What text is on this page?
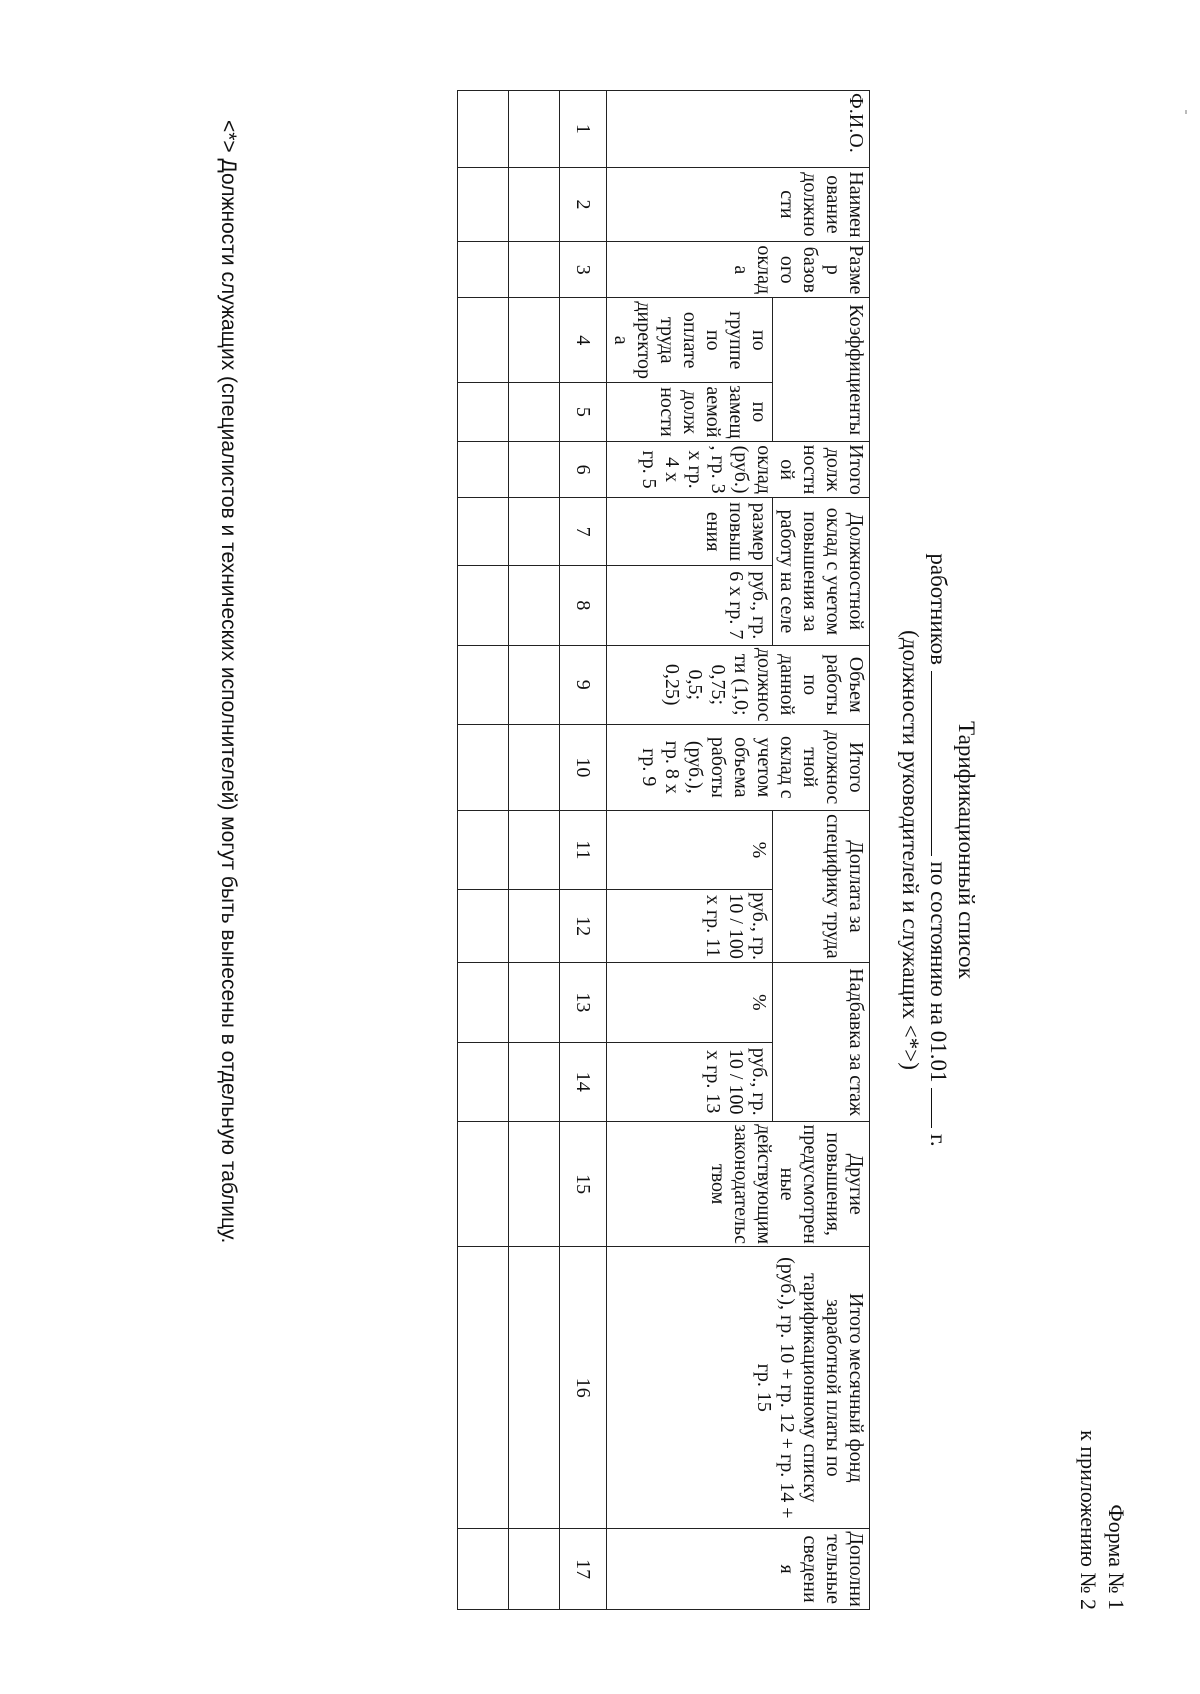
Форма № 1
к приложению № 2
Тарификационный список
работников  по состоянию на 01.01  г.
(должности руководителей и служащих <*>)
Ф.И.О.	Наименование должности	Размер базового оклада	Коэффициенты		Итого должностной оклад (руб.), гр. 3 x гр. 4 x гр. 5	Должностной оклад с учетом повышения за работу на селе		Объем работы по данной должности (1,0; 0,75; 0,5; 0,25)	Итого должностной оклад с учетом объема работы (руб.), гр. 8 x гр. 9	Доплата за специфику труда		Надбавка за стаж		Другие повышения, предусмотренные действующим законодательством	Итого месячный фонд заработной платы по тарификационному списку (руб.), гр. 10 + гр. 12 + гр. 14 + гр. 15	Дополнительные сведения
			по группе по оплате труда директора	по замещаемой должности		размер повышения	руб., гр. 6 x гр. 7			%	руб., гр. 10 / 100 x гр. 11	%	руб., гр. 10 / 100 x гр. 13			
1	2	3	4	5	6	7	8	9	10	11	12	13	14	15	16	17

<*> Должности служащих (специалистов и технических исполнителей) могут быть вынесены в отдельную таблицу.
